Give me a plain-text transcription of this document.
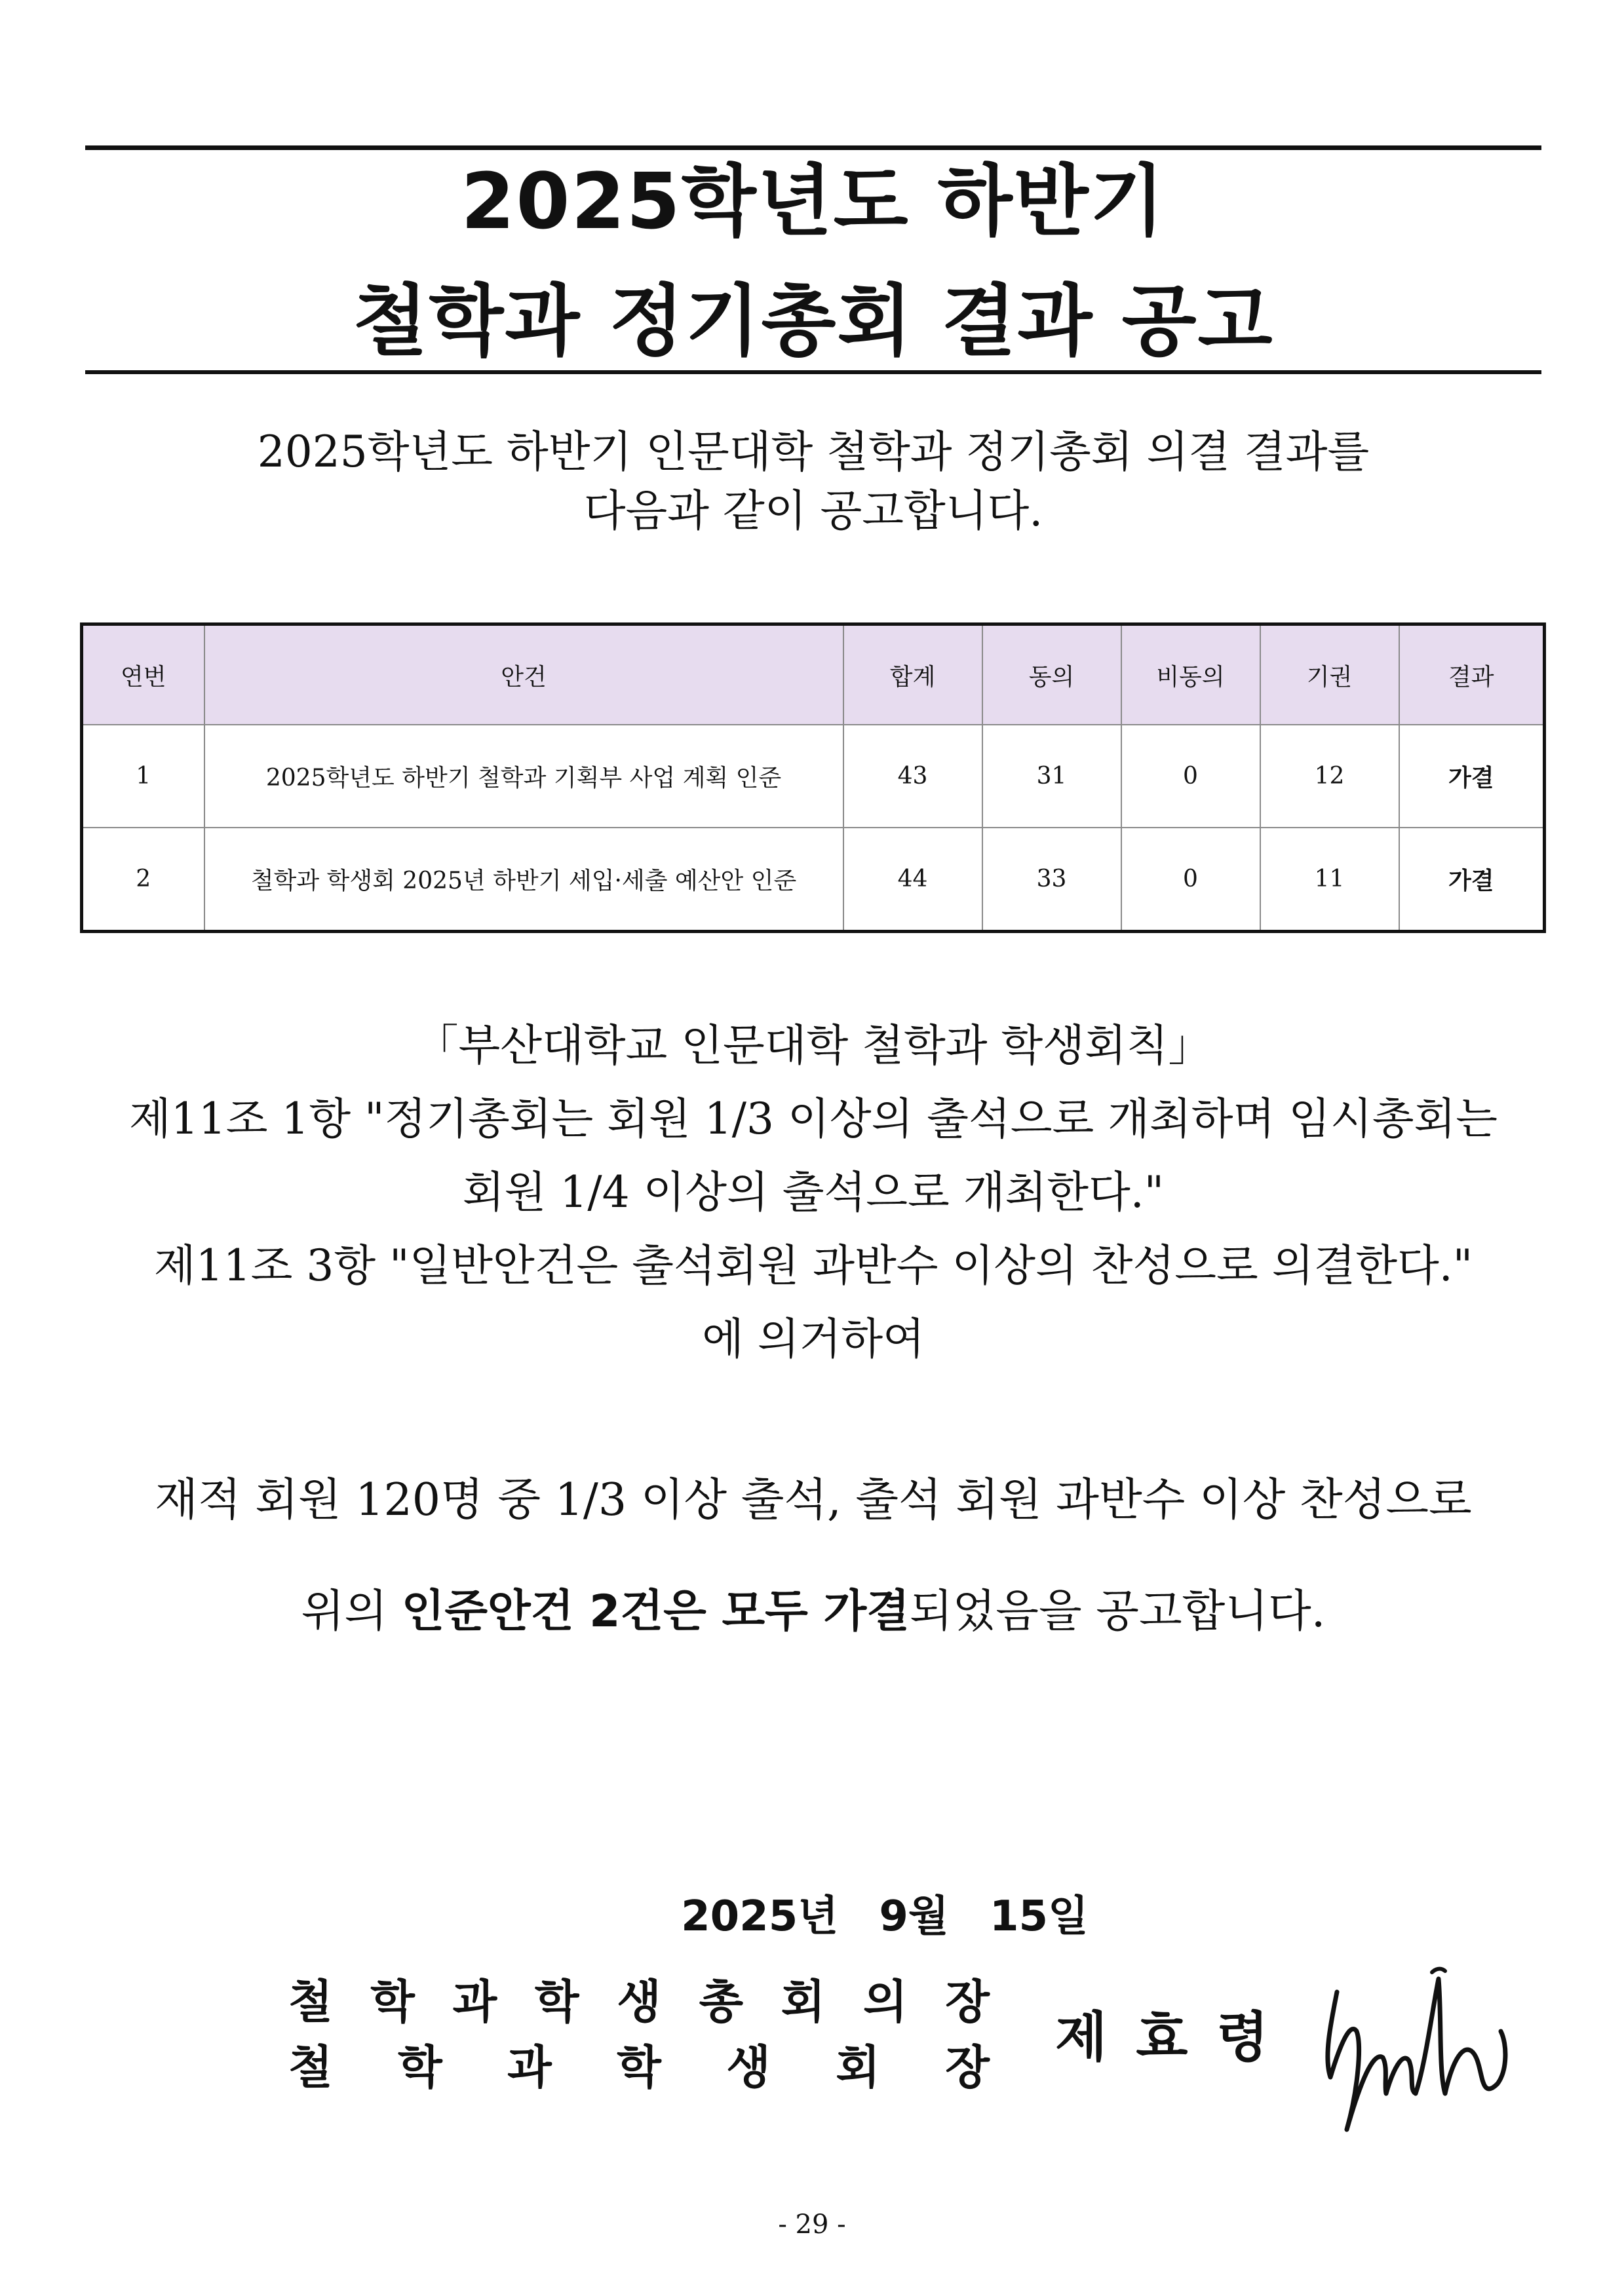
2025학년도 하반기
철학과 정기총회 결과 공고
2025학년도 하반기 인문대학 철학과 정기총회 의결 결과를
다음과 같이 공고합니다.
연번	안건	합계	동의	비동의	기권	결과
1	2025학년도 하반기 철학과 기획부 사업 계획 인준	43	31	0	12	가결
2	철학과 학생회 2025년 하반기 세입·세출 예산안 인준	44	33	0	11	가결
「부산대학교 인문대학 철학과 학생회칙」
제11조 1항 "정기총회는 회원 1/3 이상의 출석으로 개최하며 임시총회는
회원 1/4 이상의 출석으로 개최한다."
제11조 3항 "일반안건은 출석회원 과반수 이상의 찬성으로 의결한다."
에 의거하여
재적 회원 120명 중 1/3 이상 출석, 출석 회원 과반수 이상 찬성으로
위의 인준안건 2건은 모두 가결되었음을 공고합니다.
2025년 9월 15일
철 학 과 학 생 총 회 의 장
철 학 과 학 생 회 장 제효령
- 29 -
